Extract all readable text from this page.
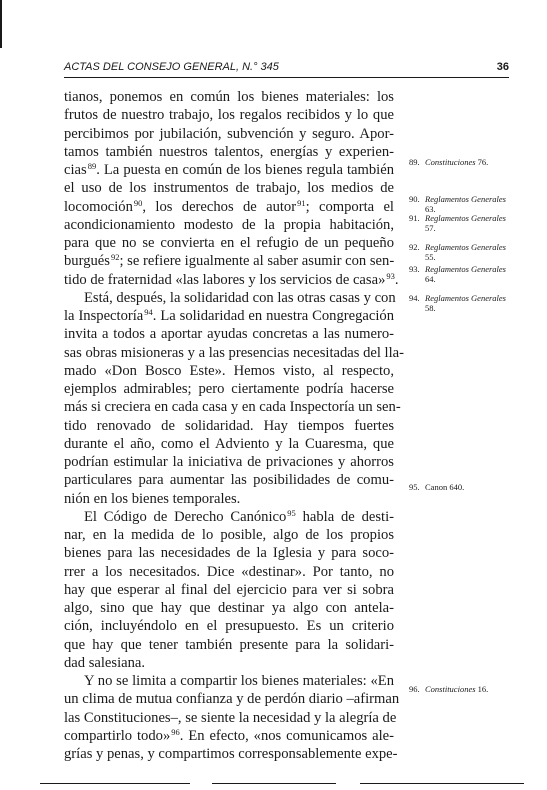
ACTAS DEL CONSEJO GENERAL, N.° 345	36
tianos, ponemos en común los bienes materiales: los
frutos de nuestro trabajo, los regalos recibidos y lo que
percibimos por jubilación, subvención y seguro. Apor-
tamos también nuestros talentos, energías y experien-
cias$^{89}$. La puesta en común de los bienes regula también
el uso de los instrumentos de trabajo, los medios de
locomoción$^{90}$, los derechos de autor$^{91}$; comporta el
acondicionamiento modesto de la propia habitación,
para que no se convierta en el refugio de un pequeño
burgués$^{92}$; se refiere igualmente al saber asumir con sen-
tido de fraternidad «las labores y los servicios de casa»$^{93}$.
Está, después, la solidaridad con las otras casas y con
la Inspectoría$^{94}$. La solidaridad en nuestra Congregación
invita a todos a aportar ayudas concretas a las numero-
sas obras misioneras y a las presencias necesitadas del lla-
mado «Don Bosco Este». Hemos visto, al respecto,
ejemplos admirables; pero ciertamente podría hacerse
más si creciera en cada casa y en cada Inspectoría un sen-
tido renovado de solidaridad. Hay tiempos fuertes
durante el año, como el Adviento y la Cuaresma, que
podrían estimular la iniciativa de privaciones y ahorros
particulares para aumentar las posibilidades de comu-
nión en los bienes temporales.
El Código de Derecho Canónico$^{95}$ habla de desti-
nar, en la medida de lo posible, algo de los propios
bienes para las necesidades de la Iglesia y para soco-
rrer a los necesitados. Dice «destinar». Por tanto, no
hay que esperar al final del ejercicio para ver si sobra
algo, sino que hay que destinar ya algo con antela-
ción, incluyéndolo en el presupuesto. Es un criterio
que hay que tener también presente para la solidari-
dad salesiana.
Y no se limita a compartir los bienes materiales: «En
un clima de mutua confianza y de perdón diario –afirman
las Constituciones–, se siente la necesidad y la alegría de
compartirlo todo»$^{96}$. En efecto, «nos comunicamos ale-
grías y penas, y compartimos corresponsablemente expe-
89. Constituciones 76.
90. Reglamentos Generales
63.
91. Reglamentos Generales
57.
92. Reglamentos Generales
55.
93. Reglamentos Generales
64.
94. Reglamentos Generales
58.
95. Canon 640.
96. Constituciones 16.
